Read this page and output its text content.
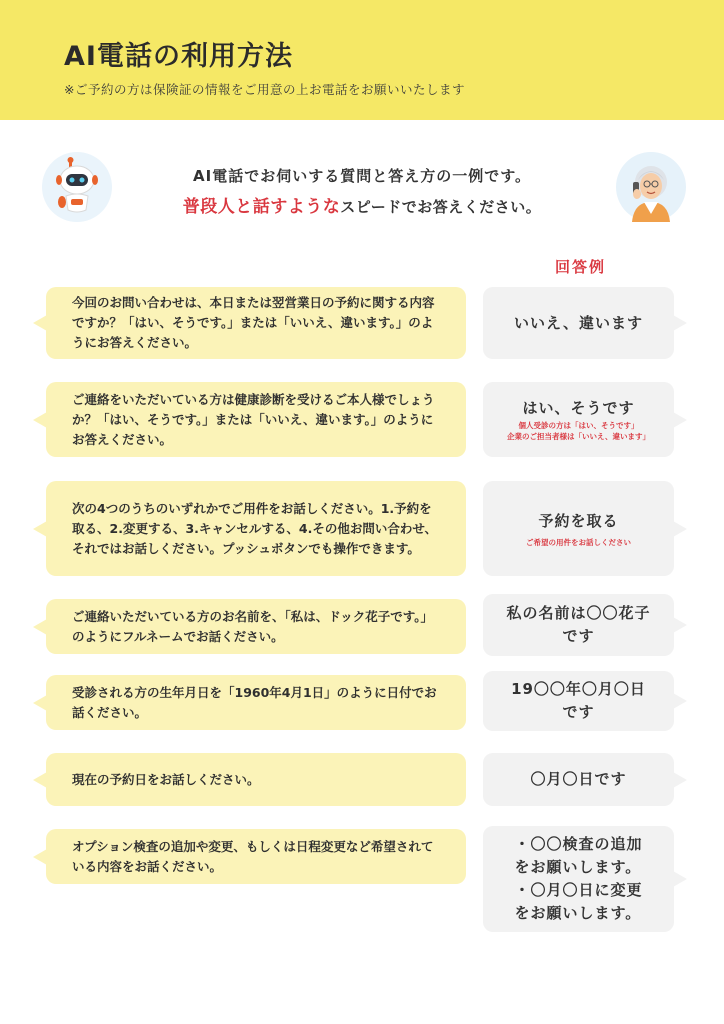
AI電話の利用方法
※ご予約の方は保険証の情報をご用意の上お電話をお願いいたします
AI電話でお伺いする質問と答え方の一例です。
普段人と話すようなスピードでお答えください。
回答例
今回のお問い合わせは、本日または翌営業日の予約に関する内容ですか？「はい、そうです。」または「いいえ、違います。」のようにお答えください。
いいえ、違います
ご連絡をいただいている方は健康診断を受けるご本人様でしょうか？「はい、そうです。」または「いいえ、違います。」のようにお答えください。
はい、そうです
個人受診の方は「はい、そうです」
企業のご担当者様は「いいえ、違います」
次の4つのうちのいずれかでご用件をお話しください。1.予約を取る、2.変更する、3.キャンセルする、4.その他お問い合わせ、それではお話しください。プッシュボタンでも操作できます。
予約を取る
ご希望の用件をお話しください
ご連絡いただいている方のお名前を、「私は、ドック花子です。」のようにフルネームでお話ください。
私の名前は〇〇花子
です
受診される方の生年月日を「1960年4月1日」のように日付でお話ください。
19〇〇年〇月〇日
です
現在の予約日をお話しください。	〇月〇日です
オプション検査の追加や変更、もしくは日程変更など希望されている内容をお話ください。
・〇〇検査の追加
をお願いします。
・〇月〇日に変更
をお願いします。
